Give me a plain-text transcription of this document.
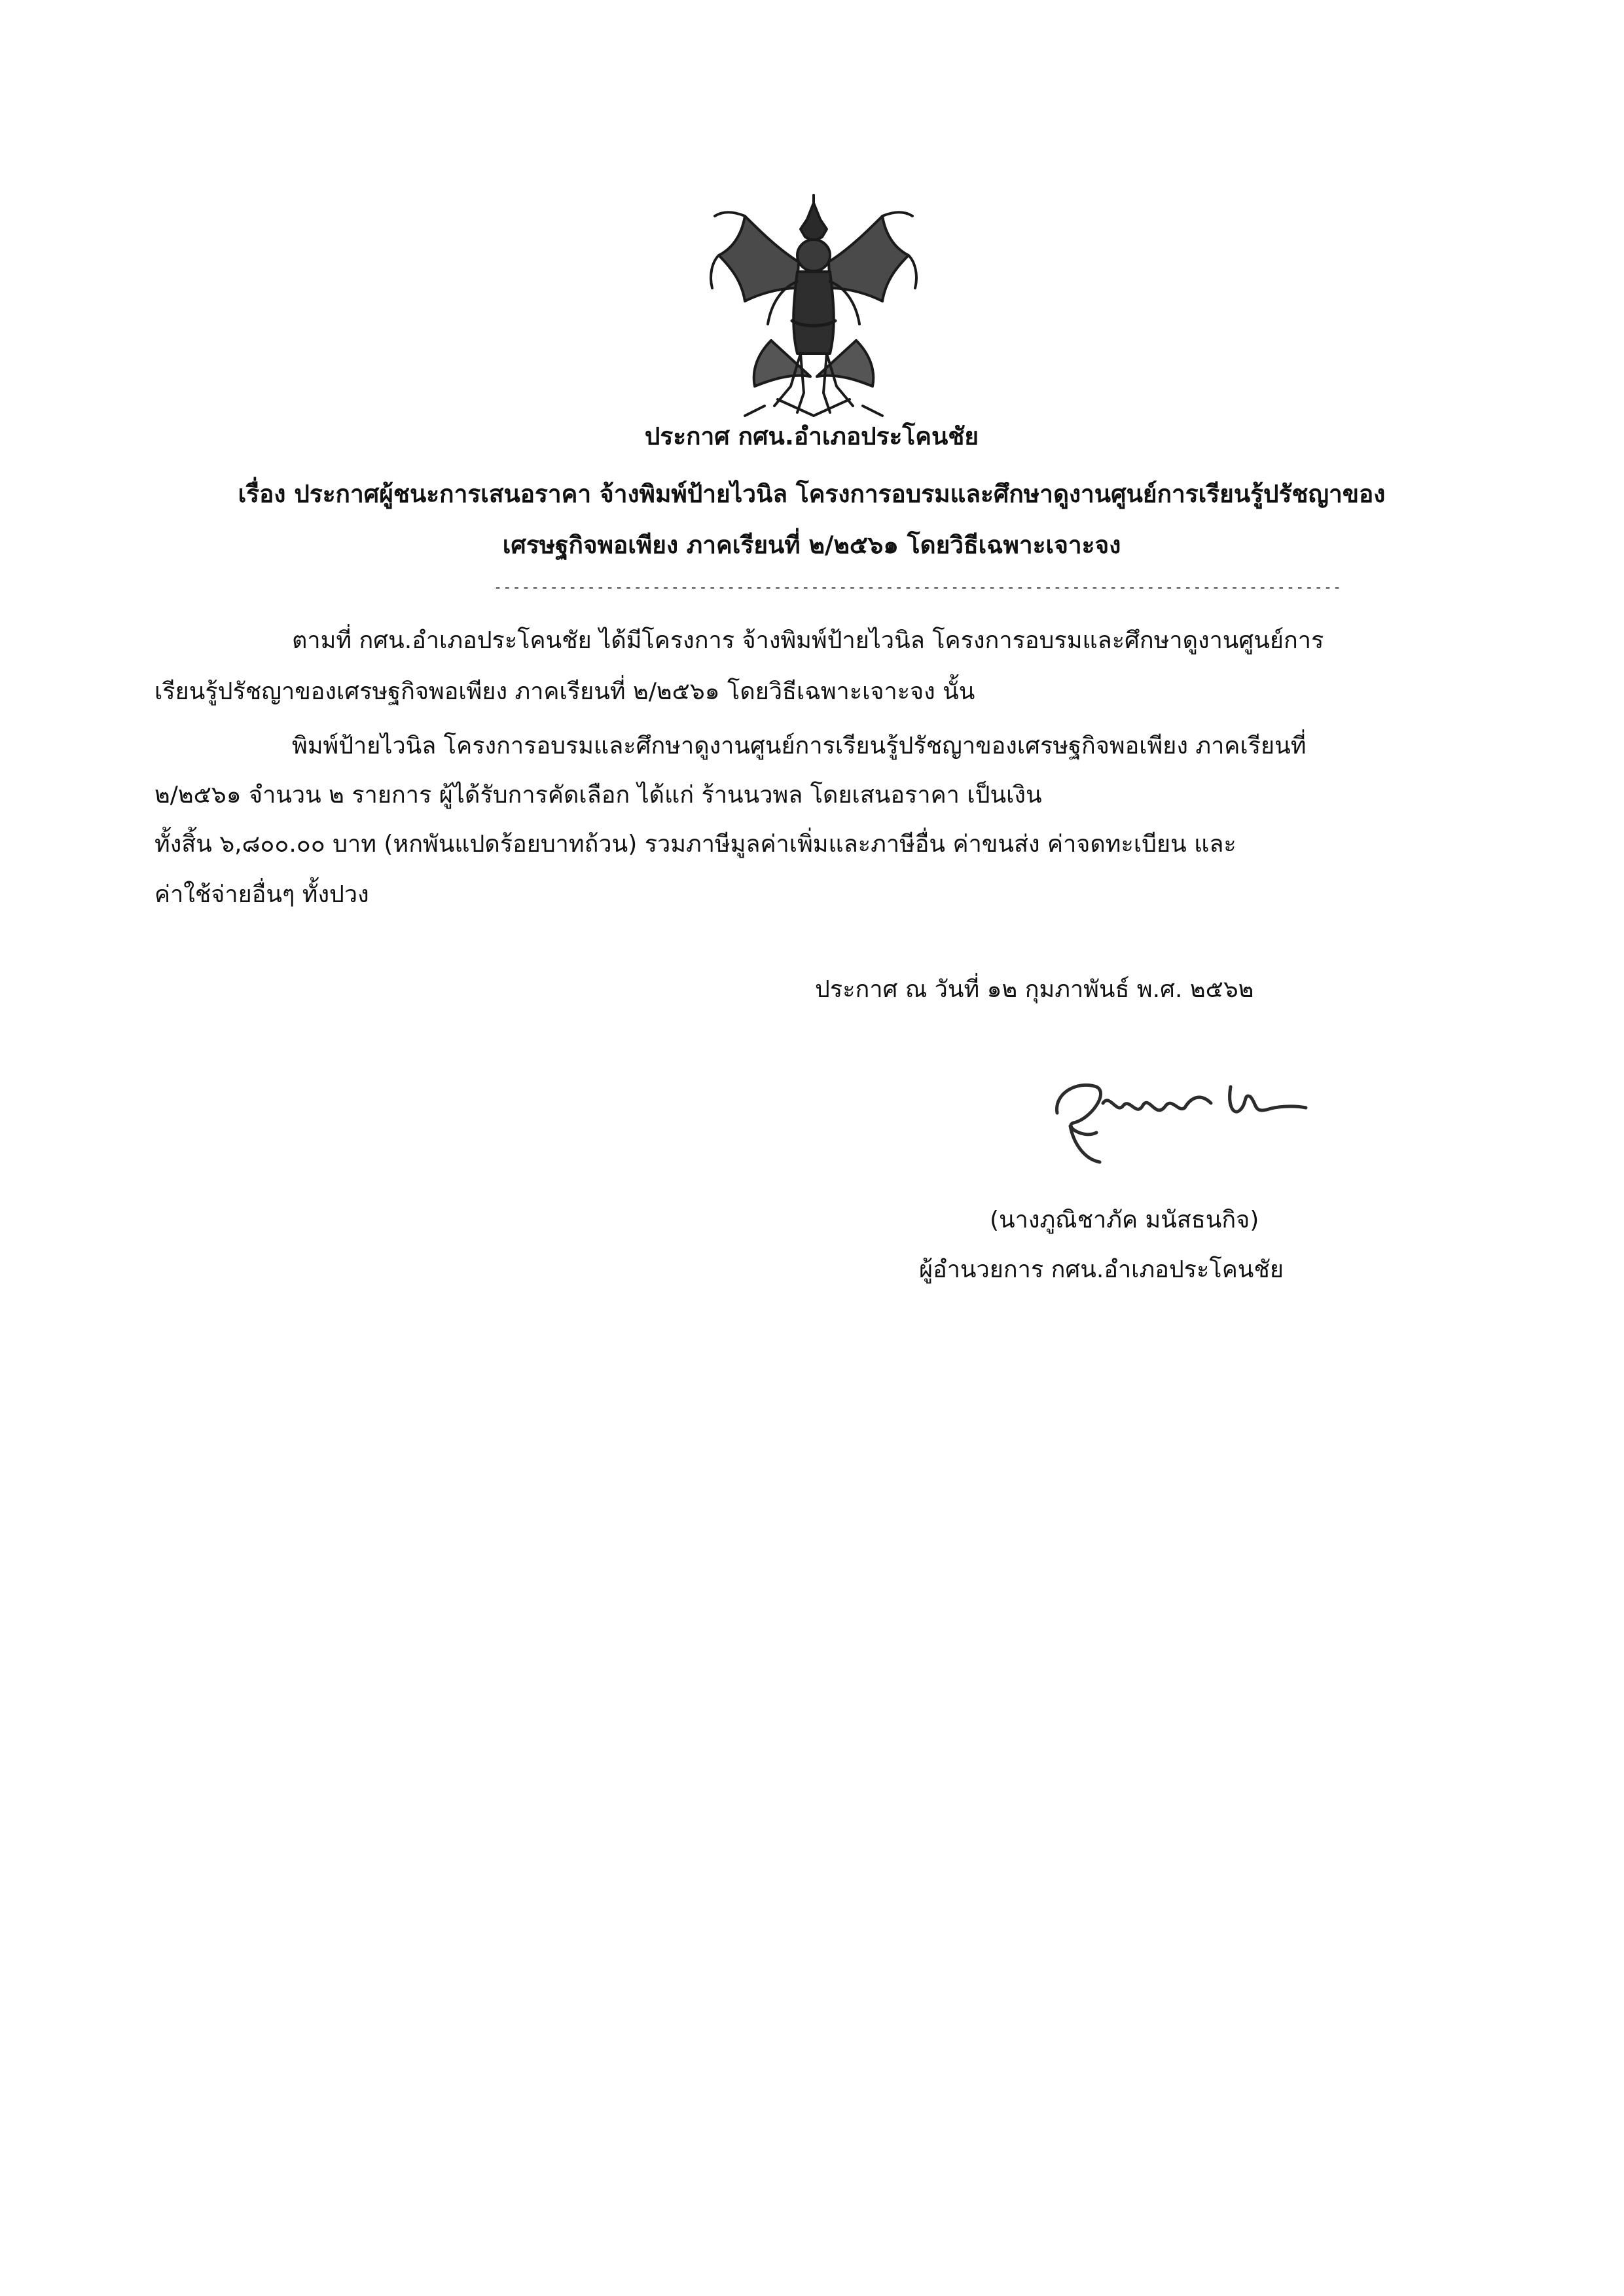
ประกาศ กศน.อำเภอประโคนชัย
เรื่อง ประกาศผู้ชนะการเสนอราคา จ้างพิมพ์ป้ายไวนิล โครงการอบรมและศึกษาดูงานศูนย์การเรียนรู้ปรัชญาของ
เศรษฐกิจพอเพียง ภาคเรียนที่ ๒/๒๕๖๑ โดยวิธีเฉพาะเจาะจง
-------------------------------------------------------------------------------------------
ตามที่ กศน.อำเภอประโคนชัย ได้มีโครงการ จ้างพิมพ์ป้ายไวนิล โครงการอบรมและศึกษาดูงานศูนย์การ
เรียนรู้ปรัชญาของเศรษฐกิจพอเพียง ภาคเรียนที่ ๒/๒๕๖๑ โดยวิธีเฉพาะเจาะจง นั้น
พิมพ์ป้ายไวนิล โครงการอบรมและศึกษาดูงานศูนย์การเรียนรู้ปรัชญาของเศรษฐกิจพอเพียง ภาคเรียนที่
๒/๒๕๖๑ จำนวน ๒ รายการ ผู้ได้รับการคัดเลือก ได้แก่ ร้านนวพล โดยเสนอราคา เป็นเงิน
ทั้งสิ้น ๖,๘๐๐.๐๐ บาท (หกพันแปดร้อยบาทถ้วน) รวมภาษีมูลค่าเพิ่มและภาษีอื่น ค่าขนส่ง ค่าจดทะเบียน และ
ค่าใช้จ่ายอื่นๆ ทั้งปวง
ประกาศ ณ วันที่ ๑๒ กุมภาพันธ์ พ.ศ. ๒๕๖๒
(นางภูณิชาภัค มนัสธนกิจ)
ผู้อำนวยการ กศน.อำเภอประโคนชัย
